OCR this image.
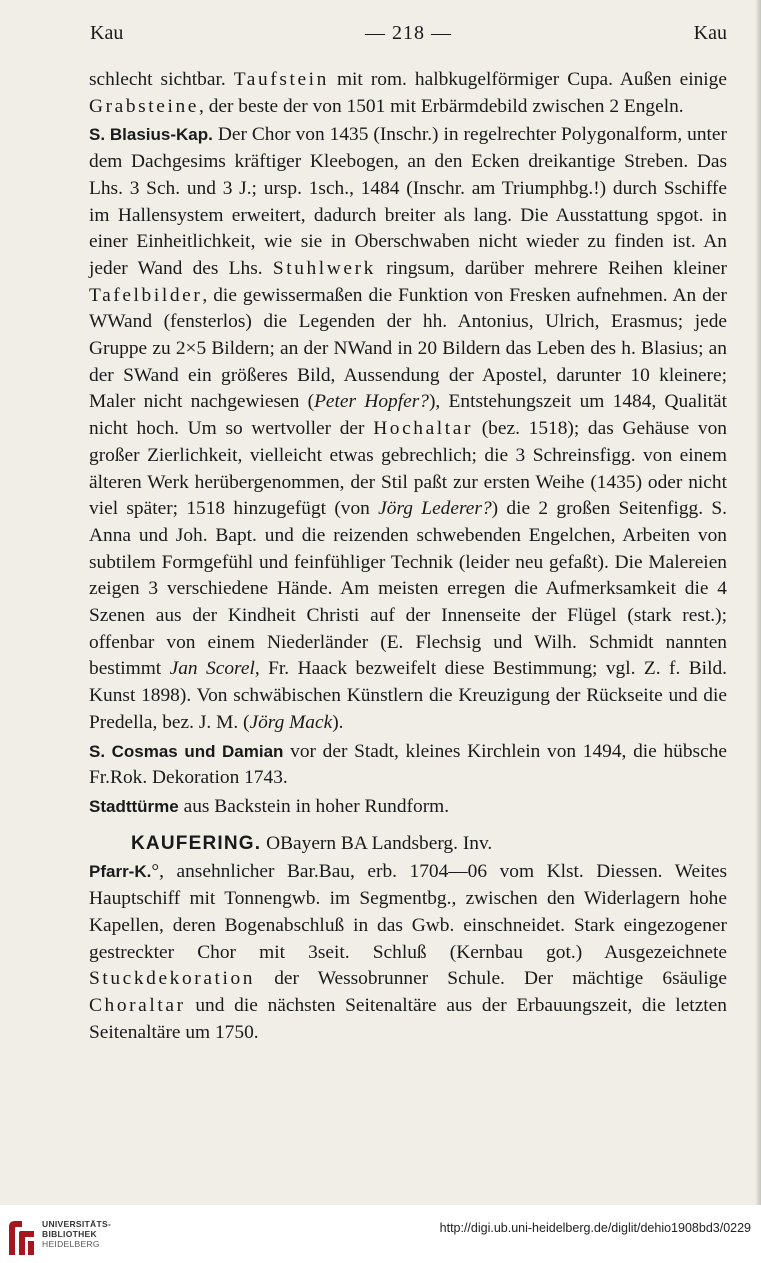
Kau	— 218 —	Kau

schlecht sichtbar. Taufstein mit rom. halbkugelförmiger Cupa. Außen einige Grabsteine, der beste der von 1501 mit Erbärmdebild zwischen 2 Engeln.

S. Blasius-Kap. Der Chor von 1435 (Inschr.) in regelrechter Polygonalform, unter dem Dachgesims kräftiger Kleebogen, an den Ecken dreikantige Streben. Das Lhs. 3 Sch. und 3 J.; ursp. 1sch., 1484 (Inschr. am Triumphbg.!) durch Sschiffe im Hallensystem erweitert, dadurch breiter als lang. Die Ausstattung spgot. in einer Einheitlichkeit, wie sie in Oberschwaben nicht wieder zu finden ist. An jeder Wand des Lhs. Stuhlwerk ringsum, darüber mehrere Reihen kleiner Tafelbilder, die gewissermaßen die Funktion von Fresken aufnehmen. An der WWand (fensterlos) die Legenden der hh. Antonius, Ulrich, Erasmus; jede Gruppe zu 2×5 Bildern; an der NWand in 20 Bildern das Leben des h. Blasius; an der SWand ein größeres Bild, Aussendung der Apostel, darunter 10 kleinere; Maler nicht nachgewiesen (Peter Hopfer?), Entstehungszeit um 1484, Qualität nicht hoch. Um so wertvoller der Hochaltar (bez. 1518); das Gehäuse von großer Zierlichkeit, vielleicht etwas gebrechlich; die 3 Schreinsfigg. von einem älteren Werk herübergenommen, der Stil paßt zur ersten Weihe (1435) oder nicht viel später; 1518 hinzugefügt (von Jörg Lederer?) die 2 großen Seitenfigg. S. Anna und Joh. Bapt. und die reizenden schwebenden Engelchen, Arbeiten von subtilem Formgefühl und feinfühliger Technik (leider neu gefaßt). Die Malereien zeigen 3 verschiedene Hände. Am meisten erregen die Aufmerksamkeit die 4 Szenen aus der Kindheit Christi auf der Innenseite der Flügel (stark rest.); offenbar von einem Niederländer (E. Flechsig und Wilh. Schmidt nannten bestimmt Jan Scorel, Fr. Haack bezweifelt diese Bestimmung; vgl. Z. f. Bild. Kunst 1898). Von schwäbischen Künstlern die Kreuzigung der Rückseite und die Predella, bez. J. M. (Jörg Mack).

S. Cosmas und Damian vor der Stadt, kleines Kirchlein von 1494, die hübsche Fr.Rok. Dekoration 1743.

Stadttürme aus Backstein in hoher Rundform.

KAUFERING. OBayern BA Landsberg. Inv.

Pfarr-K.°, ansehnlicher Bar.Bau, erb. 1704—06 vom Klst. Diessen. Weites Hauptschiff mit Tonnengwb. im Segmentbg., zwischen den Widerlagern hohe Kapellen, deren Bogenabschluß in das Gwb. einschneidet. Stark eingezogener gestreckter Chor mit 3seit. Schluß (Kernbau got.) Ausgezeichnete Stuckdekoration der Wessobrunner Schule. Der mächtige 6säulige Choraltar und die nächsten Seitenaltäre aus der Erbauungszeit, die letzten Seitenaltäre um 1750.

UNIVERSITÄTS-
BIBLIOTHEK
HEIDELBERG
http://digi.ub.uni-heidelberg.de/diglit/dehio1908bd3/0229
